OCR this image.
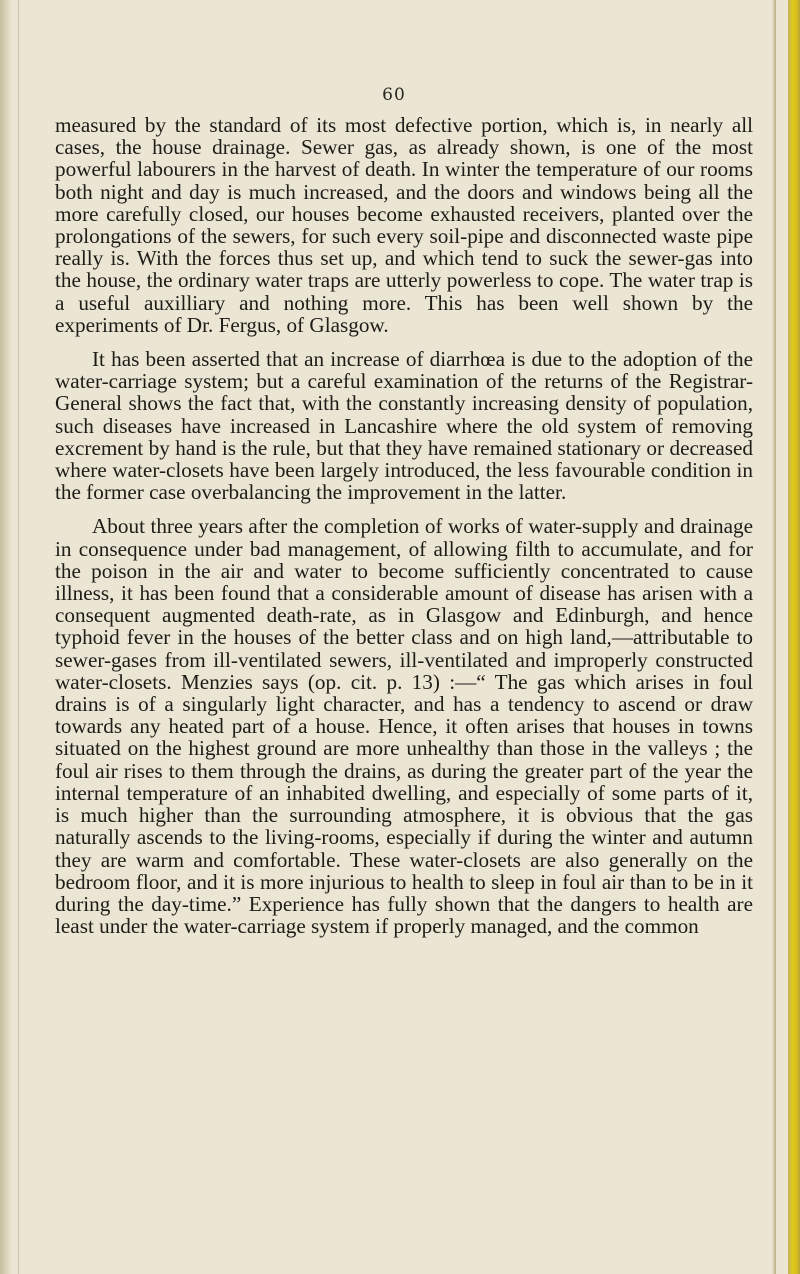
60

measured by the standard of its most defective portion, which is, in nearly all cases, the house drainage. Sewer gas, as already shown, is one of the most powerful labourers in the harvest of death. In winter the temperature of our rooms both night and day is much increased, and the doors and windows being all the more carefully closed, our houses become exhausted receivers, planted over the prolongations of the sewers, for such every soil-pipe and disconnected waste pipe really is. With the forces thus set up, and which tend to suck the sewer-gas into the house, the ordinary water traps are utterly powerless to cope. The water trap is a useful auxilliary and nothing more. This has been well shown by the experiments of Dr. Fergus, of Glasgow.

It has been asserted that an increase of diarrhœa is due to the adoption of the water-carriage system; but a careful examination of the returns of the Registrar-General shows the fact that, with the constantly increasing density of population, such diseases have increased in Lancashire where the old system of removing excrement by hand is the rule, but that they have remained stationary or decreased where water-closets have been largely introduced, the less favourable condition in the former case overbalancing the improvement in the latter.

About three years after the completion of works of water-supply and drainage in consequence under bad management, of allowing filth to accumulate, and for the poison in the air and water to become sufficiently concentrated to cause illness, it has been found that a considerable amount of disease has arisen with a consequent augmented death-rate, as in Glasgow and Edinburgh, and hence typhoid fever in the houses of the better class and on high land,—attributable to sewer-gases from ill-ventilated sewers, ill-ventilated and improperly constructed water-closets. Menzies says (op. cit. p. 13) :—“ The gas which arises in foul drains is of a singularly light character, and has a tendency to ascend or draw towards any heated part of a house. Hence, it often arises that houses in towns situated on the highest ground are more unhealthy than those in the valleys ; the foul air rises to them through the drains, as during the greater part of the year the internal temperature of an inhabited dwelling, and especially of some parts of it, is much higher than the surrounding atmosphere, it is obvious that the gas naturally ascends to the living-rooms, especially if during the winter and autumn they are warm and comfortable. These water-closets are also generally on the bedroom floor, and it is more injurious to health to sleep in foul air than to be in it during the day-time.” Experience has fully shown that the dangers to health are least under the water-carriage system if properly managed, and the common
